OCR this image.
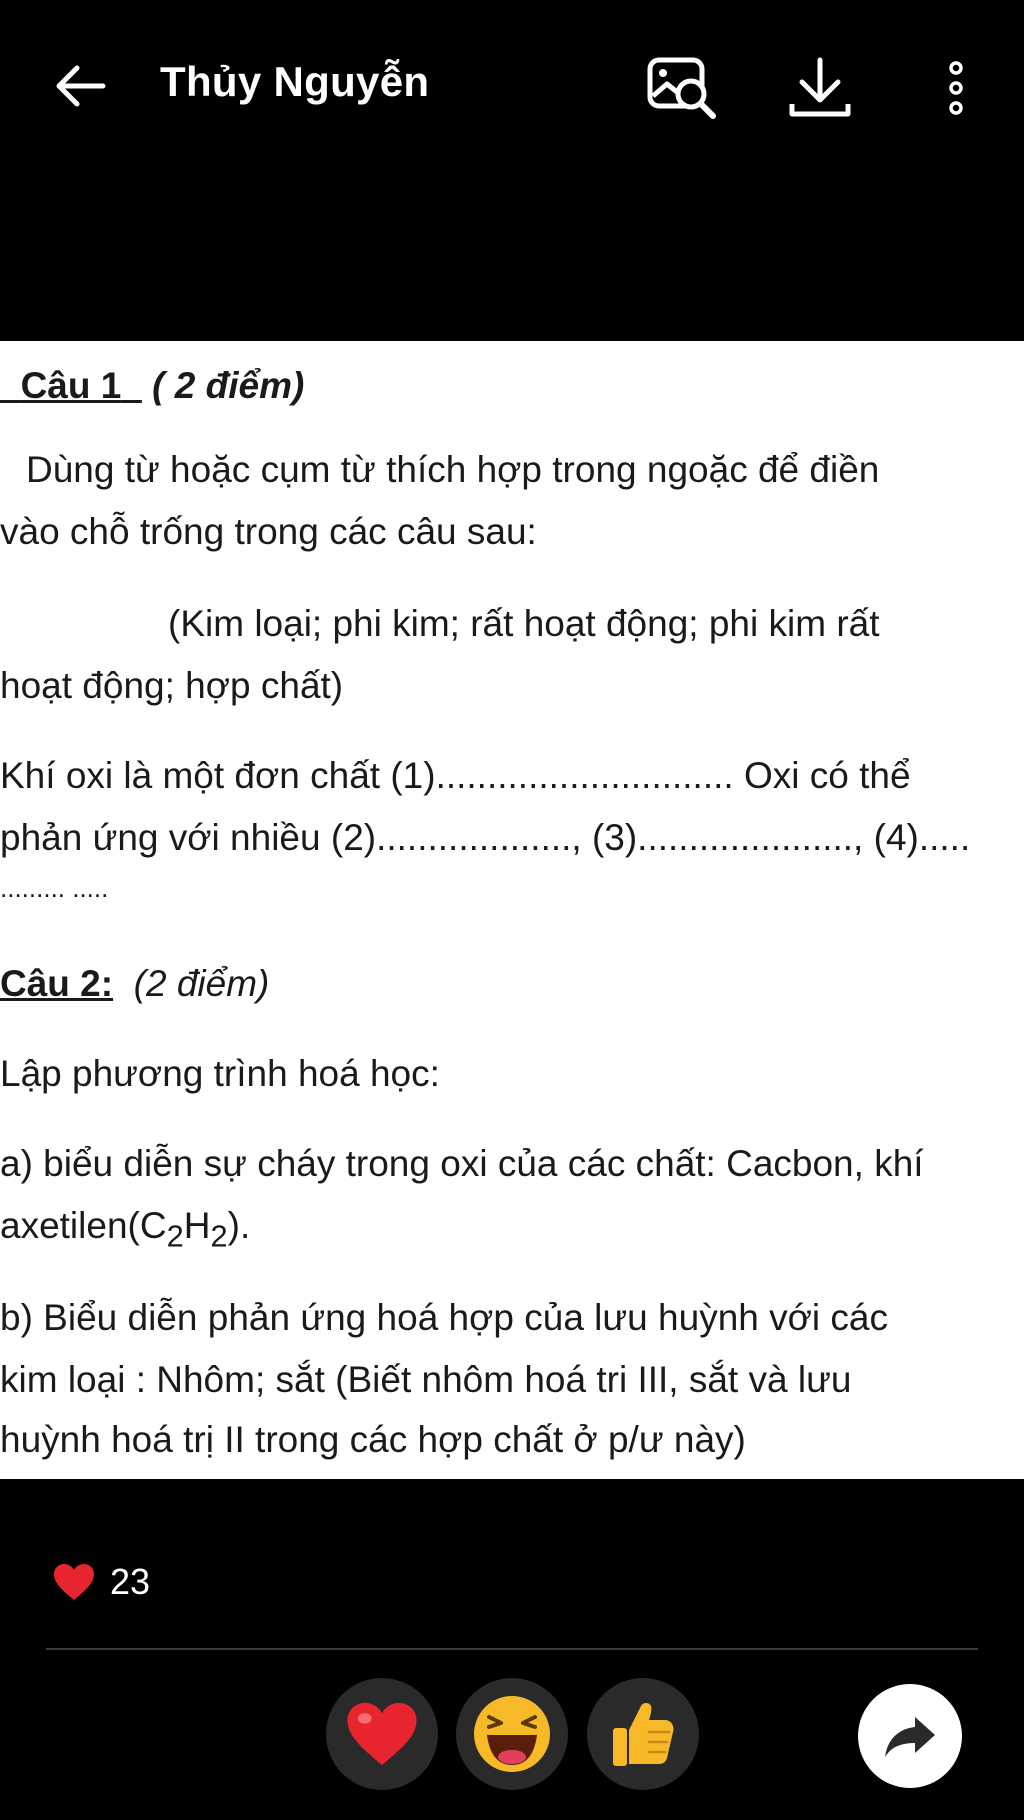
Thủy Nguyễn
Câu 1 ( 2 điểm)
Dùng từ hoặc cụm từ thích hợp trong ngoặc để điền
vào chỗ trống trong các câu sau:
(Kim loại; phi kim; rất hoạt động; phi kim rất
hoạt động; hợp chất)
Khí oxi là một đơn chất (1)............................. Oxi có thể
phản ứng với nhiều (2)..................., (3)....................., (4).....
......... .....
Câu 2: (2 điểm)
Lập phương trình hoá học:
a) biểu diễn sự cháy trong oxi của các chất: Cacbon, khí
$axetilen(C_2H_2)$.
b) Biểu diễn phản ứng hoá hợp của lưu huỳnh với các
kim loại : Nhôm; sắt (Biết nhôm hoá tri III, sắt và lưu
huỳnh hoá trị II trong các hợp chất ở p/ư này)
23
